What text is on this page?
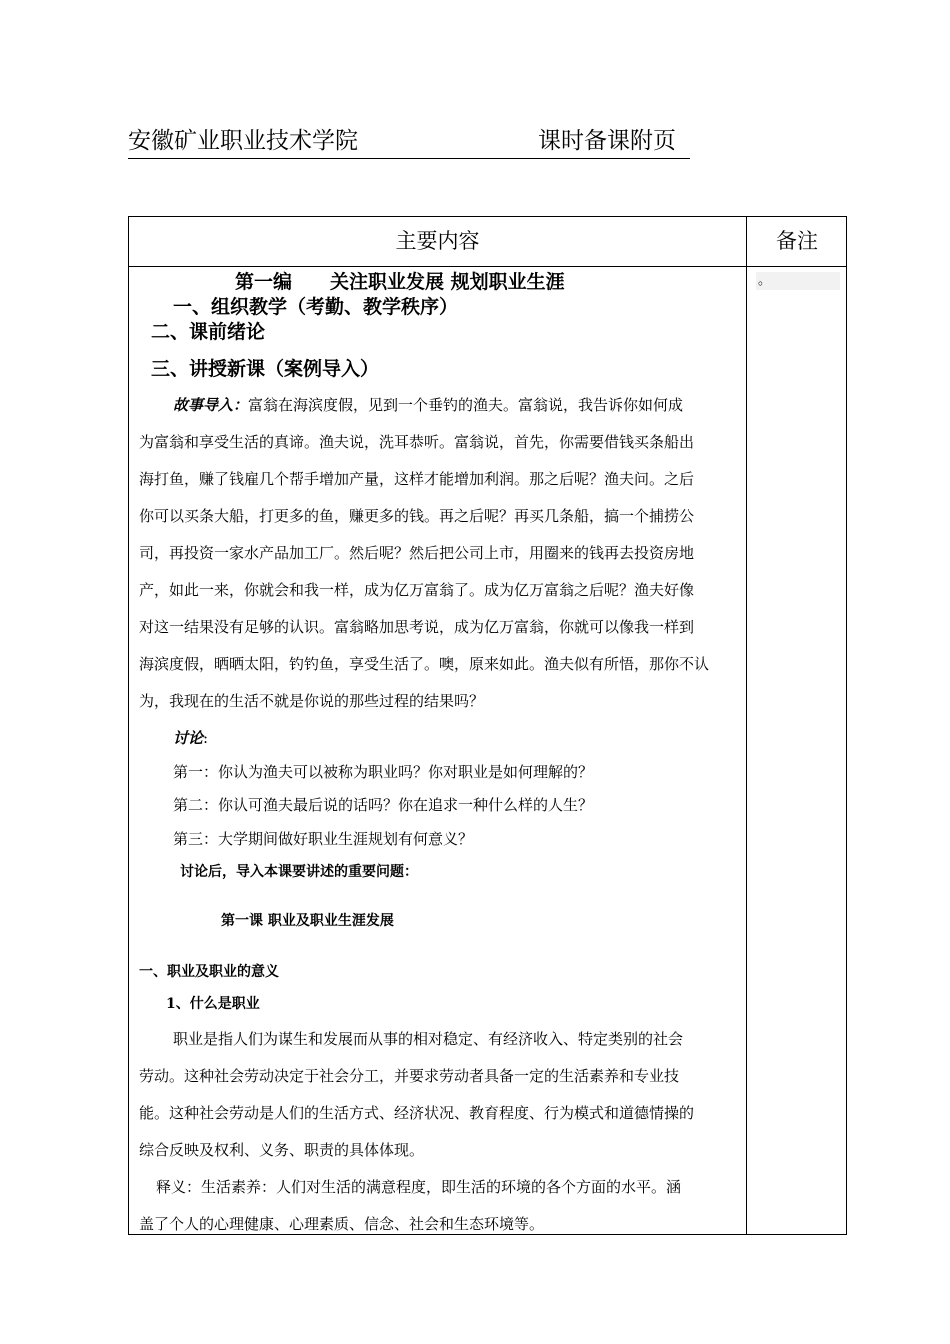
安徽矿业职业技术学院	课时备课附页
主要内容	备注
。
第一编　　关注职业发展 规划职业生涯
一、组织教学（考勤、教学秩序）
二、课前绪论
三、讲授新课（案例导入）
故事导入：富翁在海滨度假，见到一个垂钓的渔夫。富翁说，我告诉你如何成
为富翁和享受生活的真谛。渔夫说，洗耳恭听。富翁说，首先，你需要借钱买条船出
海打鱼，赚了钱雇几个帮手增加产量，这样才能增加利润。那之后呢？渔夫问。之后
你可以买条大船，打更多的鱼，赚更多的钱。再之后呢？再买几条船，搞一个捕捞公
司，再投资一家水产品加工厂。然后呢？然后把公司上市，用圈来的钱再去投资房地
产，如此一来，你就会和我一样，成为亿万富翁了。成为亿万富翁之后呢？渔夫好像
对这一结果没有足够的认识。富翁略加思考说，成为亿万富翁，你就可以像我一样到
海滨度假，晒晒太阳，钓钓鱼，享受生活了。噢，原来如此。渔夫似有所悟，那你不认
为，我现在的生活不就是你说的那些过程的结果吗？
讨论:
第一：你认为渔夫可以被称为职业吗？你对职业是如何理解的？
第二：你认可渔夫最后说的话吗？你在追求一种什么样的人生？
第三：大学期间做好职业生涯规划有何意义？
讨论后，导入本课要讲述的重要问题：
第一课 职业及职业生涯发展
一、职业及职业的意义
1、什么是职业
职业是指人们为谋生和发展而从事的相对稳定、有经济收入、特定类别的社会
劳动。这种社会劳动决定于社会分工，并要求劳动者具备一定的生活素养和专业技
能。这种社会劳动是人们的生活方式、经济状况、教育程度、行为模式和道德情操的
综合反映及权利、义务、职责的具体体现。
释义：生活素养：人们对生活的满意程度，即生活的环境的各个方面的水平。涵
盖了个人的心理健康、心理素质、信念、社会和生态环境等。
